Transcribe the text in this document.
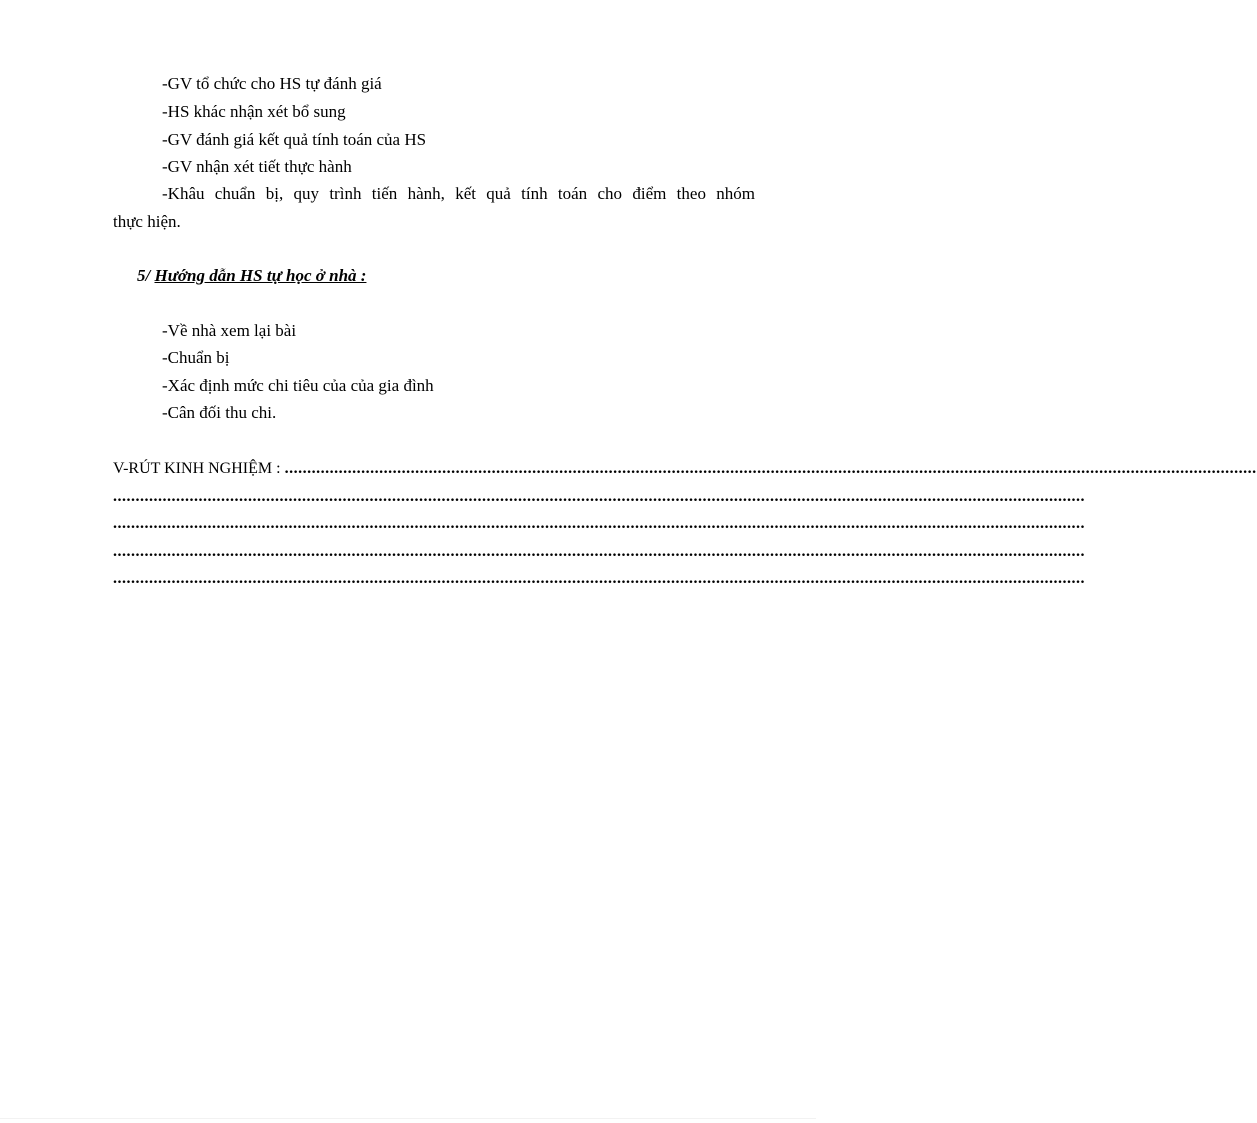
-GV tổ chức cho HS tự đánh giá
-HS khác nhận xét bổ sung
-GV đánh giá kết quả tính toán của HS
-GV nhận xét tiết thực hành
-Khâu chuẩn bị, quy trình tiến hành, kết quả tính toán cho điểm theo nhóm
thực hiện.
5/ Hướng dẫn HS tự học ở nhà :
-Về nhà xem lại bài
-Chuẩn bị
-Xác định mức chi tiêu của của gia đình
-Cân đối thu chi.
V-RÚT KINH NGHIỆM : ........................................................................................................................................................................................................................
........................................................................................................................................................................................................................
........................................................................................................................................................................................................................
........................................................................................................................................................................................................................
........................................................................................................................................................................................................................
